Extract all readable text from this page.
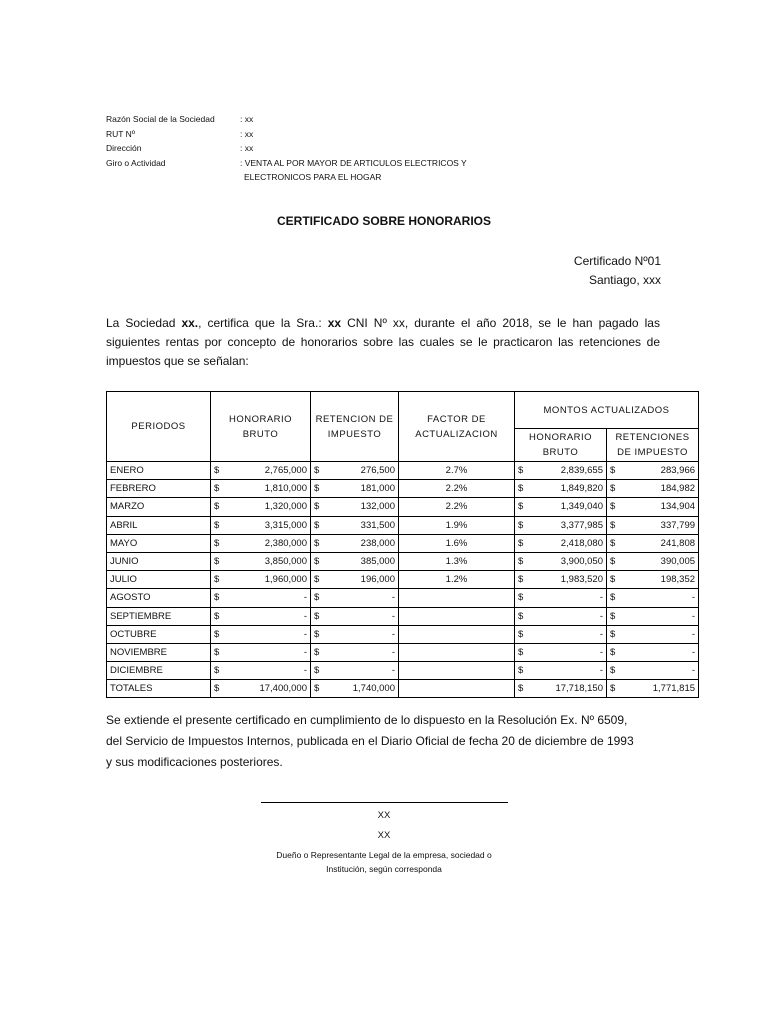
Razón Social de la Sociedad	: xx
RUT Nº	: xx
Dirección	: xx
Giro o Actividad	: VENTA AL POR MAYOR DE ARTICULOS ELECTRICOS Y
ELECTRONICOS PARA EL HOGAR
CERTIFICADO SOBRE HONORARIOS
Certificado Nº01
Santiago, xxx
La Sociedad xx., certifica que la Sra.: xx CNI Nº xx, durante el año 2018, se le han pagado las siguientes rentas por concepto de honorarios sobre las cuales se le practicaron las retenciones de impuestos que se señalan:
PERIODOS	HONORARIO BRUTO	RETENCION DE IMPUESTO	FACTOR DE ACTUALIZACION	MONTOS ACTUALIZADOS	
				HONORARIO BRUTO	RETENCIONES DE IMPUESTO
ENERO	$ 2,765,000	$ 276,500	2.7%	$ 2,839,655	$ 283,966

FEBRERO	$ 1,810,000	$ 181,000	2.2%	$ 1,849,820	$ 184,982

MARZO	$ 1,320,000	$ 132,000	2.2%	$ 1,349,040	$ 134,904

ABRIL	$ 3,315,000	$ 331,500	1.9%	$ 3,377,985	$ 337,799

MAYO	$ 2,380,000	$ 238,000	1.6%	$ 2,418,080	$ 241,808

JUNIO	$ 3,850,000	$ 385,000	1.3%	$ 3,900,050	$ 390,005

JULIO	$ 1,960,000	$ 196,000	1.2%	$ 1,983,520	$ 198,352

AGOSTO	$ -	$ -		$ -	$ -

SEPTIEMBRE	$ -	$ -		$ -	$ -

OCTUBRE	$ -	$ -		$ -	$ -

NOVIEMBRE	$ -	$ -		$ -	$ -

DICIEMBRE	$ -	$ -		$ -	$ -

TOTALES	$ 17,400,000	$ 1,740,000		$ 17,718,150	$ 1,771,815
Se extiende el presente certificado en cumplimiento de lo dispuesto en la Resolución Ex. Nº 6509,
del Servicio de Impuestos Internos, publicada en el Diario Oficial de fecha 20 de diciembre de 1993
y sus modificaciones posteriores.
XX
XX
Dueño o Representante Legal de la empresa, sociedad o
Institución, según corresponda
